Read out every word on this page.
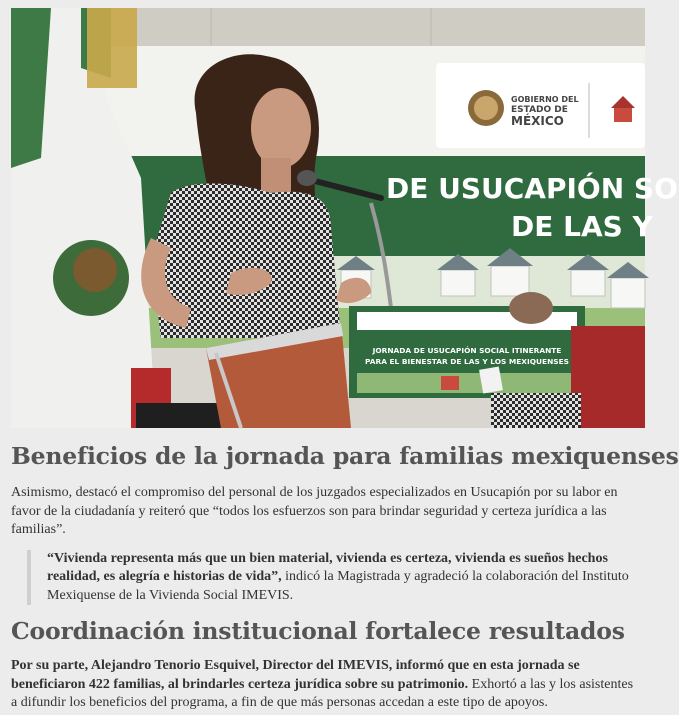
GOBIERNO DEL
ESTADO DE
MÉXICO
DE USUCAPIÓN SO
DE LAS Y
JORNADA DE USUCAPIÓN SOCIAL ITINERANTE
PARA EL BIENESTAR DE LAS Y LOS MEXIQUENSES
Beneficios de la jornada para familias mexiquenses

Asimismo, destacó el compromiso del personal de los juzgados especializados en Usucapión por su labor en favor de la ciudadanía y reiteró que “todos los esfuerzos son para brindar seguridad y certeza jurídica a las familias”.

“Vivienda representa más que un bien material, vivienda es certeza, vivienda es sueños hechos realidad, es alegría e historias de vida”, indicó la Magistrada y agradeció la colaboración del Instituto Mexiquense de la Vivienda Social IMEVIS.
Coordinación institucional fortalece resultados

Por su parte, Alejandro Tenorio Esquivel, Director del IMEVIS, informó que en esta jornada se beneficiaron 422 familias, al brindarles certeza jurídica sobre su patrimonio. Exhortó a las y los asistentes a difundir los beneficios del programa, a fin de que más personas accedan a este tipo de apoyos.
